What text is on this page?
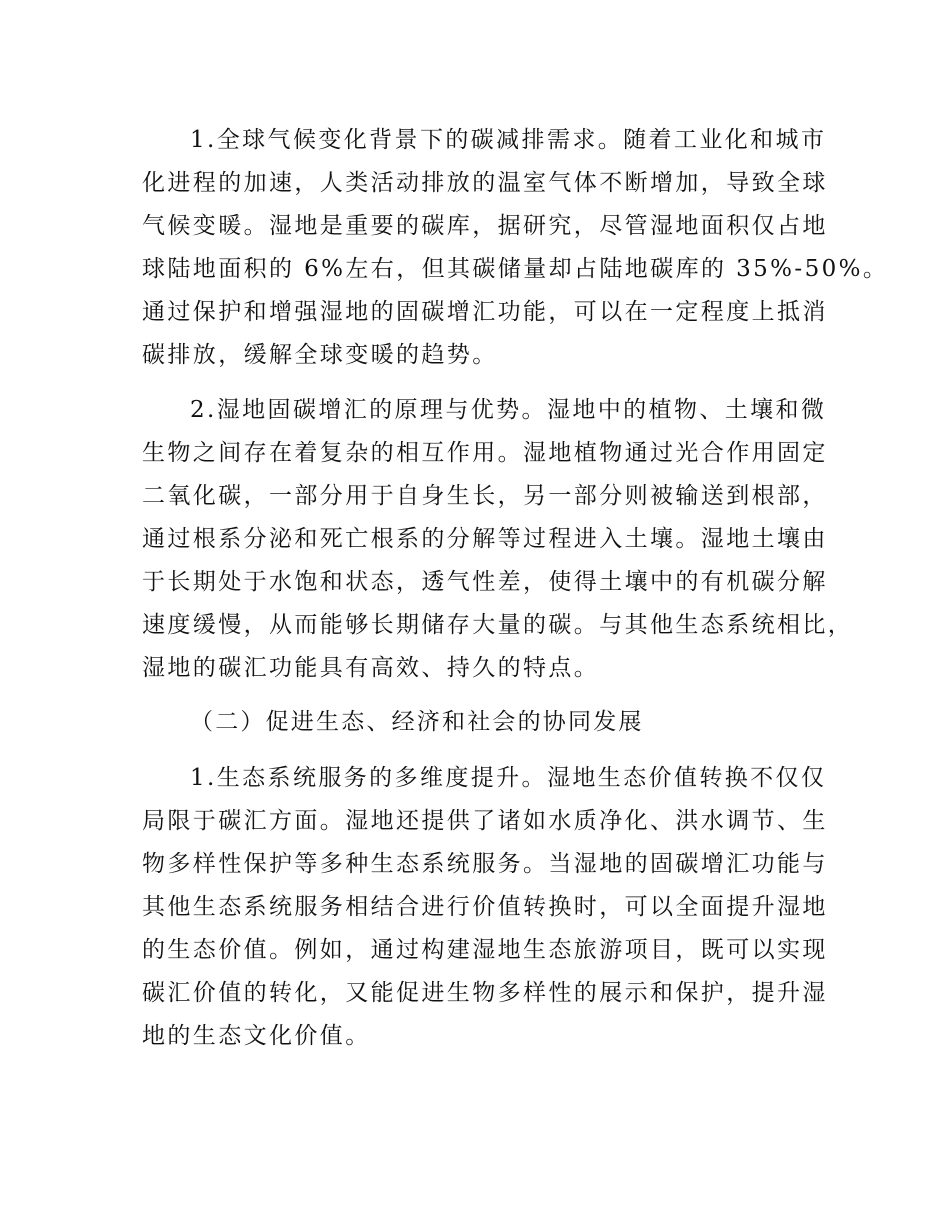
1.全球气候变化背景下的碳减排需求。随着工业化和城市
化进程的加速，人类活动排放的温室气体不断增加，导致全球
气候变暖。湿地是重要的碳库，据研究，尽管湿地面积仅占地
球陆地面积的 6%左右，但其碳储量却占陆地碳库的 35%-50%。
通过保护和增强湿地的固碳增汇功能，可以在一定程度上抵消
碳排放，缓解全球变暖的趋势。
2.湿地固碳增汇的原理与优势。湿地中的植物、土壤和微
生物之间存在着复杂的相互作用。湿地植物通过光合作用固定
二氧化碳，一部分用于自身生长，另一部分则被输送到根部，
通过根系分泌和死亡根系的分解等过程进入土壤。湿地土壤由
于长期处于水饱和状态，透气性差，使得土壤中的有机碳分解
速度缓慢，从而能够长期储存大量的碳。与其他生态系统相比，
湿地的碳汇功能具有高效、持久的特点。
（二）促进生态、经济和社会的协同发展
1.生态系统服务的多维度提升。湿地生态价值转换不仅仅
局限于碳汇方面。湿地还提供了诸如水质净化、洪水调节、生
物多样性保护等多种生态系统服务。当湿地的固碳增汇功能与
其他生态系统服务相结合进行价值转换时，可以全面提升湿地
的生态价值。例如，通过构建湿地生态旅游项目，既可以实现
碳汇价值的转化，又能促进生物多样性的展示和保护，提升湿
地的生态文化价值。
